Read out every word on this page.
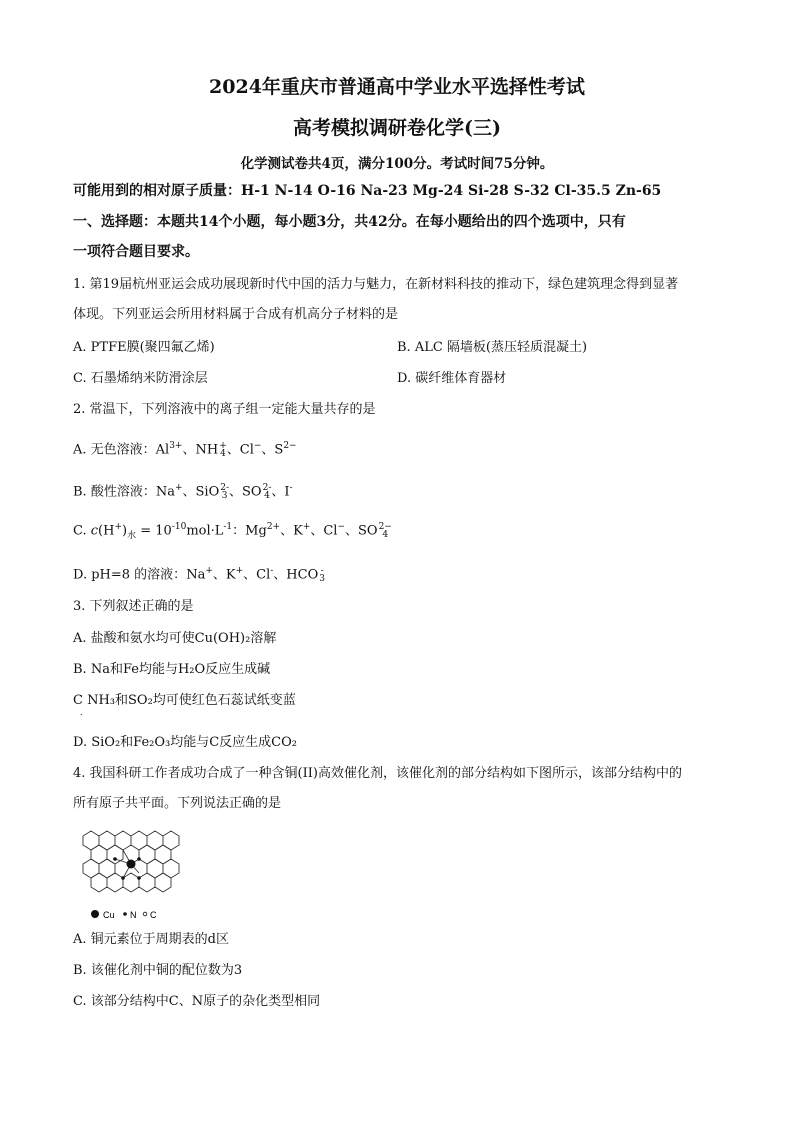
2024年重庆市普通高中学业水平选择性考试
高考模拟调研卷化学(三)
化学测试卷共4页，满分100分。考试时间75分钟。
可能用到的相对原子质量：H-1 N-14 O-16 Na-23 Mg-24 Si-28 S-32 Cl-35.5 Zn-65
一、选择题：本题共14个小题，每小题3分，共42分。在每小题给出的四个选项中，只有
一项符合题目要求。
1. 第19届杭州亚运会成功展现新时代中国的活力与魅力，在新材料科技的推动下，绿色建筑理念得到显著
体现。下列亚运会所用材料属于合成有机高分子材料的是
A. PTFE膜(聚四氟乙烯)	B. ALC 隔墙板(蒸压轻质混凝土)
C. 石墨烯纳米防滑涂层	D. 碳纤维体育器材
2. 常温下，下列溶液中的离子组一定能大量共存的是
A. 无色溶液：$Al^{3+}$、NH +
4 、Cl−、$S^{2-}$
B. 酸性溶液：Na+、SiO 2-
3 、SO 2-
4 、I-
C. $c(H^+)_水 = 10^{-10}mol\cdot L^{-1}$：$Mg^{2+}$、K+、Cl−、SO 2−
4
D. pH=8 的溶液：Na+、K+、Cl-、HCO -
3
3. 下列叙述正确的是
A. 盐酸和氨水均可使Cu(OH)₂溶解
B. Na和Fe均能与H₂O反应生成碱
C NH₃和SO₂均可使红色石蕊试纸变蓝
.
D. SiO₂和Fe₂O₃均能与C反应生成CO₂
4. 我国科研工作者成功合成了一种含铜(II)高效催化剂，该催化剂的部分结构如下图所示，该部分结构中的
所有原子共平面。下列说法正确的是
Cu N C
A. 铜元素位于周期表的d区
B. 该催化剂中铜的配位数为3
C. 该部分结构中C、N原子的杂化类型相同
